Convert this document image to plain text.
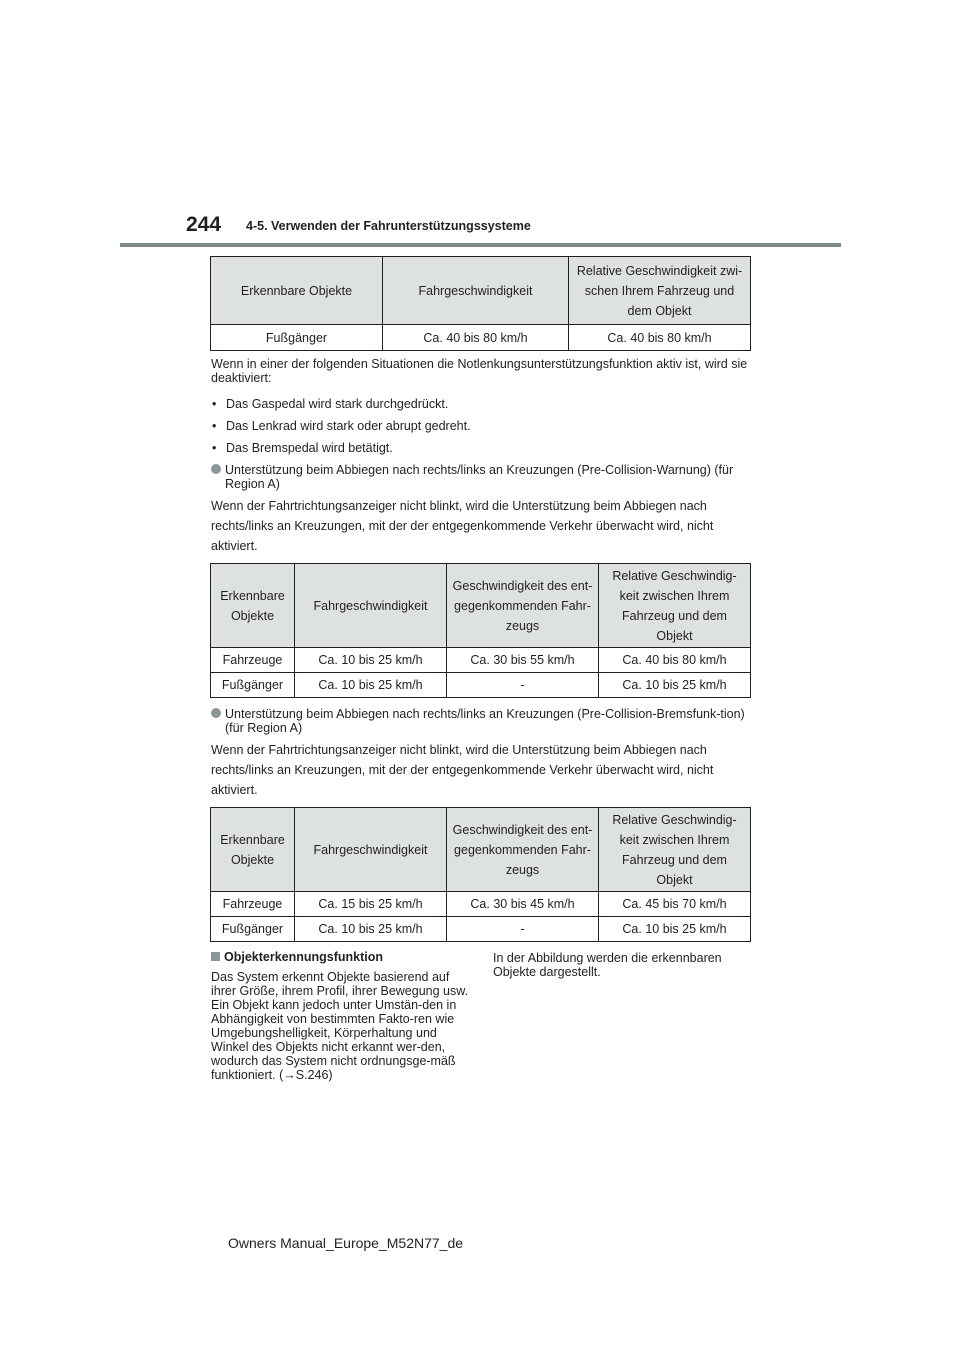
244 4-5. Verwenden der Fahrunterstützungssysteme
Erkennbare Objekte	Fahrgeschwindigkeit	Relative Geschwindigkeit zwi-schen Ihrem Fahrzeug und dem Objekt
Fußgänger	Ca. 40 bis 80 km/h	Ca. 40 bis 80 km/h
Wenn in einer der folgenden Situationen die Notlenkungsunterstützungsfunktion aktiv ist, wird sie deaktiviert:
• Das Gaspedal wird stark durchgedrückt.
• Das Lenkrad wird stark oder abrupt gedreht.
• Das Bremspedal wird betätigt.
Unterstützung beim Abbiegen nach rechts/links an Kreuzungen (Pre-Collision-Warnung) (für Region A)
Wenn der Fahrtrichtungsanzeiger nicht blinkt, wird die Unterstützung beim Abbiegen nach rechts/links an Kreuzungen, mit der der entgegenkommende Verkehr überwacht wird, nicht aktiviert.
Erkennbare Objekte	Fahrgeschwindigkeit	Geschwindigkeit des ent-gegenkommenden Fahr-zeugs	Relative Geschwindig-keit zwischen Ihrem Fahrzeug und dem Objekt
Fahrzeuge	Ca. 10 bis 25 km/h	Ca. 30 bis 55 km/h	Ca. 40 bis 80 km/h
Fußgänger	Ca. 10 bis 25 km/h	-	Ca. 10 bis 25 km/h
Unterstützung beim Abbiegen nach rechts/links an Kreuzungen (Pre-Collision-Bremsfunk-tion) (für Region A)
Wenn der Fahrtrichtungsanzeiger nicht blinkt, wird die Unterstützung beim Abbiegen nach rechts/links an Kreuzungen, mit der der entgegenkommende Verkehr überwacht wird, nicht aktiviert.
Erkennbare Objekte	Fahrgeschwindigkeit	Geschwindigkeit des ent-gegenkommenden Fahr-zeugs	Relative Geschwindig-keit zwischen Ihrem Fahrzeug und dem Objekt
Fahrzeuge	Ca. 15 bis 25 km/h	Ca. 30 bis 45 km/h	Ca. 45 bis 70 km/h
Fußgänger	Ca. 10 bis 25 km/h	-	Ca. 10 bis 25 km/h
Objekterkennungsfunktion
Das System erkennt Objekte basierend auf ihrer Größe, ihrem Profil, ihrer Bewegung usw. Ein Objekt kann jedoch unter Umstän-den in Abhängigkeit von bestimmten Fakto-ren wie Umgebungshelligkeit, Körperhaltung und Winkel des Objekts nicht erkannt wer-den, wodurch das System nicht ordnungsge-mäß funktioniert. (→S.246)
In der Abbildung werden die erkennbaren Objekte dargestellt.
Owners Manual_Europe_M52N77_de
